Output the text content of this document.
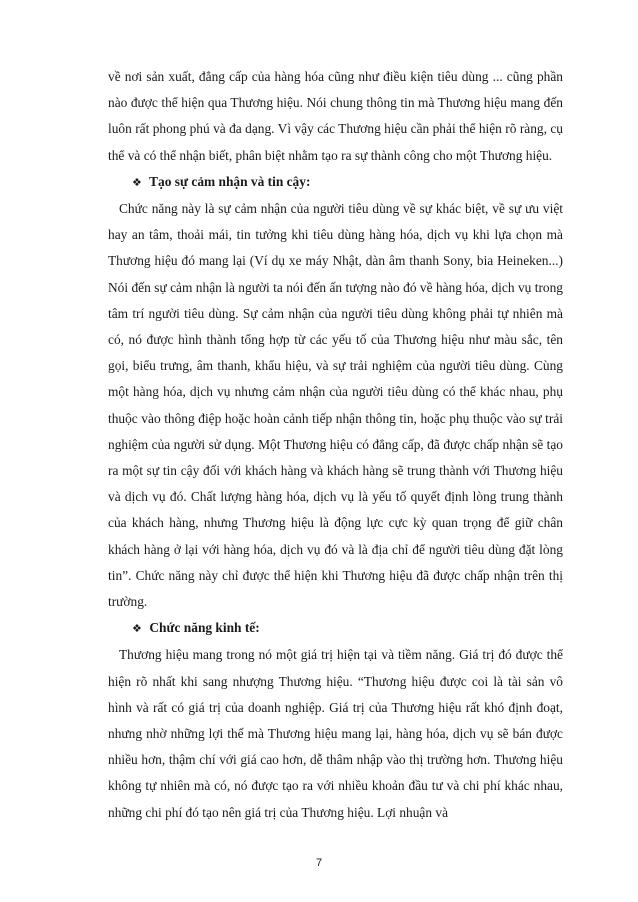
về nơi sản xuất, đẳng cấp của hàng hóa cũng như điều kiện tiêu dùng ... cũng phần nào được thể hiện qua Thương hiệu. Nói chung thông tin mà Thương hiệu mang đến luôn rất phong phú và đa dạng. Vì vậy các Thương hiệu cần phải thể hiện rõ ràng, cụ thể và có thể nhận biết, phân biệt nhằm tạo ra sự thành công cho một Thương hiệu.

❖ Tạo sự cảm nhận và tin cậy:

Chức năng này là sự cảm nhận của người tiêu dùng về sự khác biệt, về sự ưu việt hay an tâm, thoải mái, tin tưởng khi tiêu dùng hàng hóa, dịch vụ khi lựa chọn mà Thương hiệu đó mang lại (Ví dụ xe máy Nhật, dàn âm thanh Sony, bia Heineken...) Nói đến sự cảm nhận là người ta nói đến ấn tượng nào đó về hàng hóa, dịch vụ trong tâm trí người tiêu dùng. Sự cảm nhận của người tiêu dùng không phải tự nhiên mà có, nó được hình thành tổng hợp từ các yếu tố của Thương hiệu như màu sắc, tên gọi, biểu trưng, âm thanh, khẩu hiệu, và sự trải nghiệm của người tiêu dùng. Cùng một hàng hóa, dịch vụ nhưng cảm nhận của người tiêu dùng có thể khác nhau, phụ thuộc vào thông điệp hoặc hoàn cảnh tiếp nhận thông tin, hoặc phụ thuộc vào sự trải nghiệm của người sử dụng. Một Thương hiệu có đẳng cấp, đã được chấp nhận sẽ tạo ra một sự tin cậy đối với khách hàng và khách hàng sẽ trung thành với Thương hiệu và dịch vụ đó. Chất lượng hàng hóa, dịch vụ là yếu tố quyết định lòng trung thành của khách hàng, nhưng Thương hiệu là động lực cực kỳ quan trọng để giữ chân khách hàng ở lại với hàng hóa, dịch vụ đó và là địa chỉ để người tiêu dùng đặt lòng tin”. Chức năng này chỉ được thể hiện khi Thương hiệu đã được chấp nhận trên thị trường.

❖ Chức năng kinh tế:

Thương hiệu mang trong nó một giá trị hiện tại và tiềm năng. Giá trị đó được thể hiện rõ nhất khi sang nhượng Thương hiệu. “Thương hiệu được coi là tài sản vô hình và rất có giá trị của doanh nghiệp. Giá trị của Thương hiệu rất khó định đoạt, nhưng nhờ những lợi thế mà Thương hiệu mang lại, hàng hóa, dịch vụ sẽ bán được nhiều hơn, thậm chí với giá cao hơn, dễ thâm nhập vào thị trường hơn. Thương hiệu không tự nhiên mà có, nó được tạo ra với nhiều khoản đầu tư và chi phí khác nhau, những chi phí đó tạo nên giá trị của Thương hiệu. Lợi nhuận và

7
